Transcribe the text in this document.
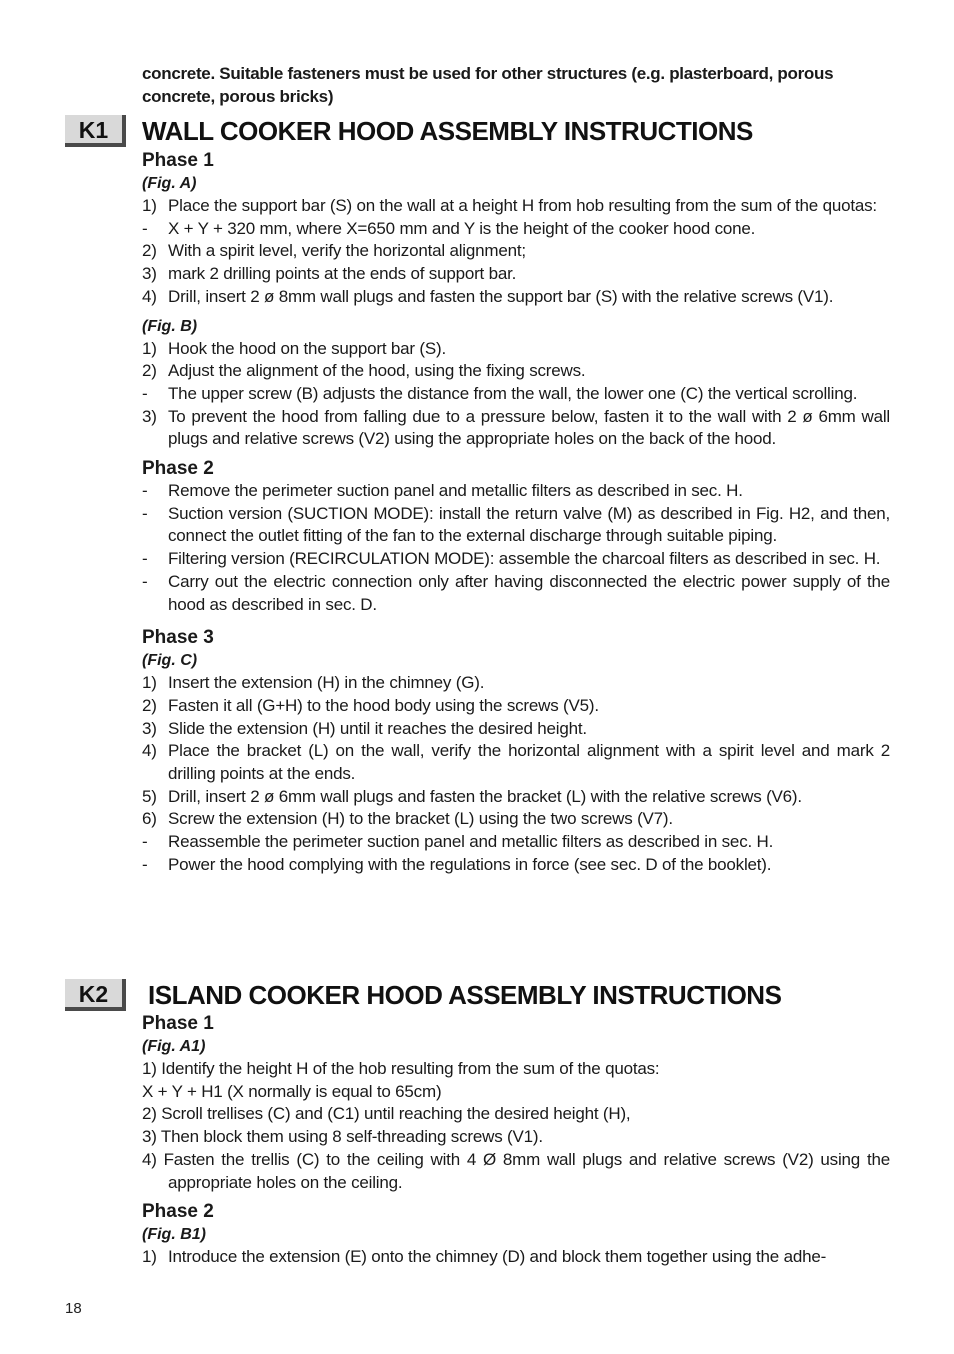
concrete. Suitable fasteners must be used for other structures (e.g. plasterboard, porous concrete, porous bricks)
K1	WALL COOKER HOOD ASSEMBLY INSTRUCTIONS
Phase 1
(Fig. A)
1) Place the support bar (S) on the wall at a height H from hob resulting from the sum of the quotas:
- X + Y + 320 mm, where X=650 mm and Y is the height of the cooker hood cone.
2) With a spirit level, verify the horizontal alignment;
3) mark 2 drilling points at the ends of support bar.
4) Drill, insert 2 ø 8mm wall plugs and fasten the support bar (S) with the relative screws (V1).
(Fig. B)
1) Hook the hood on the support bar (S).
2) Adjust the alignment of the hood, using the fixing screws.
- The upper screw (B) adjusts the distance from the wall, the lower one (C) the vertical scrolling.
3) To prevent the hood from falling due to a pressure below, fasten it to the wall with 2 ø 6mm wall plugs and relative screws (V2) using the appropriate holes on the back of the hood.
Phase 2
- Remove the perimeter suction panel and metallic filters as described in sec. H.
- Suction version (SUCTION MODE): install the return valve (M) as described in Fig. H2, and then, connect the outlet fitting of the fan to the external discharge through suitable piping.
- Filtering version (RECIRCULATION MODE): assemble the charcoal filters as described in sec. H.
- Carry out the electric connection only after having disconnected the electric power supply of the hood as described in sec. D.
Phase 3
(Fig. C)
1) Insert the extension (H) in the chimney (G).
2) Fasten it all (G+H) to the hood body using the screws (V5).
3) Slide the extension (H) until it reaches the desired height.
4) Place the bracket (L) on the wall, verify the horizontal alignment with a spirit level and mark 2 drilling points at the ends.
5) Drill, insert 2 ø 6mm wall plugs and fasten the bracket (L) with the relative screws (V6).
6) Screw the extension (H) to the bracket (L) using the two screws (V7).
- Reassemble the perimeter suction panel and metallic filters as described in sec. H.
- Power the hood complying with the regulations in force (see sec. D of the booklet).
K2	ISLAND COOKER HOOD ASSEMBLY INSTRUCTIONS
Phase 1
(Fig. A1)
1) Identify the height H of the hob resulting from the sum of the quotas:
X + Y + H1 (X normally is equal to 65cm)
2) Scroll trellises (C) and (C1) until reaching the desired height (H),
3) Then block them using 8 self-threading screws (V1).
4) Fasten the trellis (C) to the ceiling with 4 Ø 8mm wall plugs and relative screws (V2) using the appropriate holes on the ceiling.
Phase 2
(Fig. B1)
1) Introduce the extension (E) onto the chimney (D) and block them together using the adhe-
18
